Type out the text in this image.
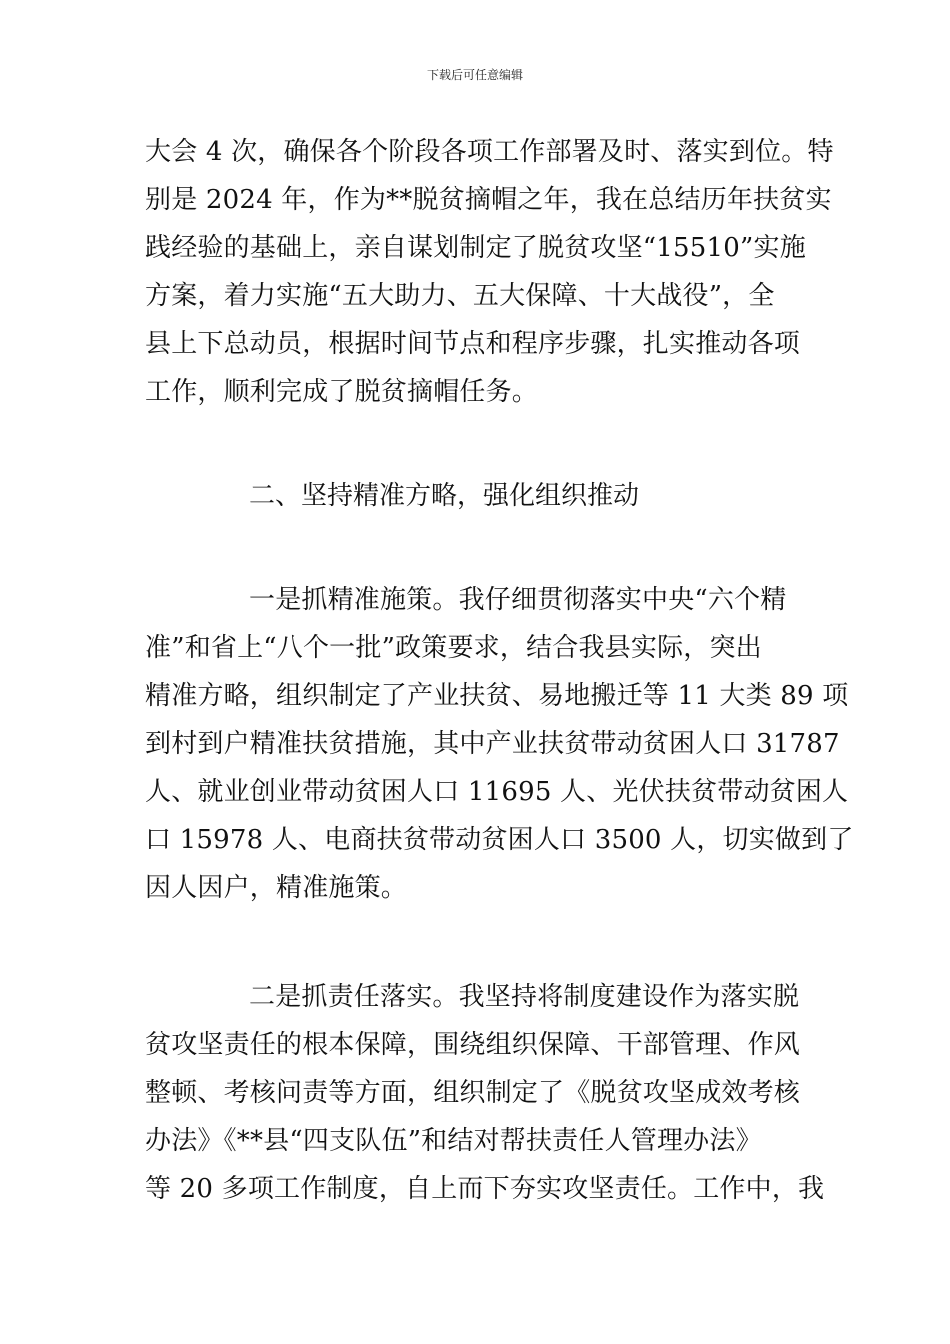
下载后可任意编辑
大会 4 次，确保各个阶段各项工作部署及时、落实到位。特
别是 2024 年，作为**脱贫摘帽之年，我在总结历年扶贫实
践经验的基础上，亲自谋划制定了脱贫攻坚“15510”实施
方案，着力实施“五大助力、五大保障、十大战役”，全
县上下总动员，根据时间节点和程序步骤，扎实推动各项
工作，顺利完成了脱贫摘帽任务。
二、坚持精准方略，强化组织推动
一是抓精准施策。我仔细贯彻落实中央“六个精
准”和省上“八个一批”政策要求，结合我县实际，突出
精准方略，组织制定了产业扶贫、易地搬迁等 11 大类 89 项
到村到户精准扶贫措施，其中产业扶贫带动贫困人口 31787
人、就业创业带动贫困人口 11695 人、光伏扶贫带动贫困人
口 15978 人、电商扶贫带动贫困人口 3500 人，切实做到了
因人因户，精准施策。
二是抓责任落实。我坚持将制度建设作为落实脱
贫攻坚责任的根本保障，围绕组织保障、干部管理、作风
整顿、考核问责等方面，组织制定了《脱贫攻坚成效考核
办法》《**县“四支队伍”和结对帮扶责任人管理办法》
等 20 多项工作制度，自上而下夯实攻坚责任。工作中，我
